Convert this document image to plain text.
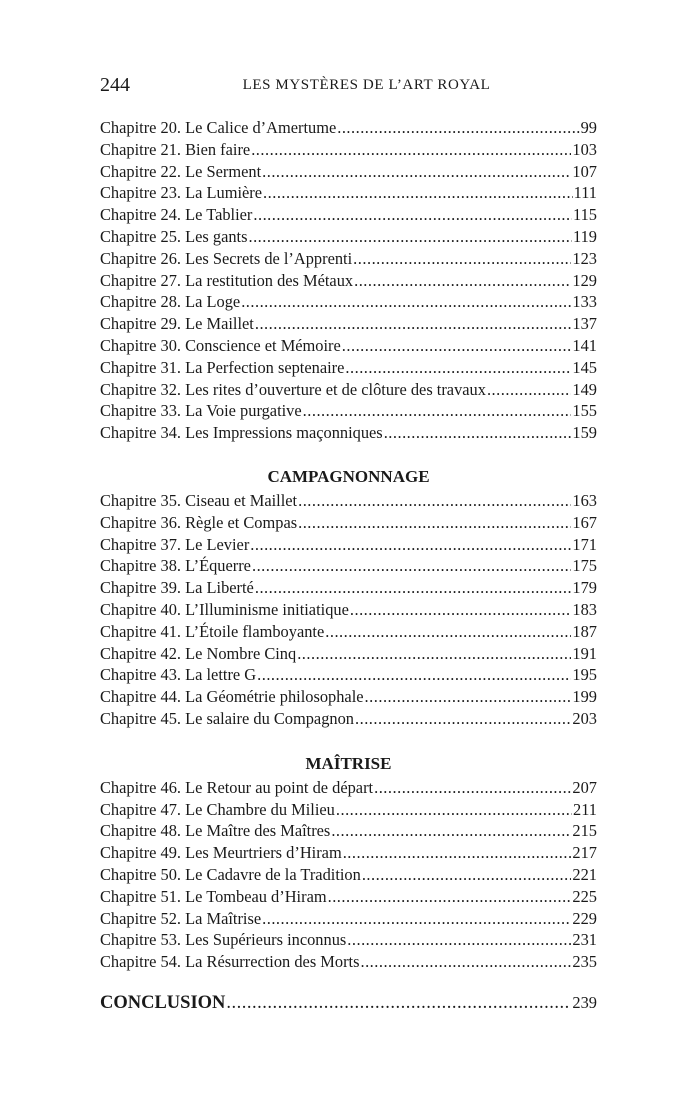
244	LES MYSTÈRES DE L’ART ROYAL
Chapitre 20. Le Calice d’Amertume .....	99
Chapitre 21. Bien faire .....	103
Chapitre 22. Le Serment .....	107
Chapitre 23. La Lumière .....	111
Chapitre 24. Le Tablier .....	115
Chapitre 25. Les gants .....	119
Chapitre 26. Les Secrets de l’Apprenti .....	123
Chapitre 27. La restitution des Métaux .....	129
Chapitre 28. La Loge .....	133
Chapitre 29. Le Maillet .....	137
Chapitre 30. Conscience et Mémoire .....	141
Chapitre 31. La Perfection septenaire .....	145
Chapitre 32. Les rites d’ouverture et de clôture des travaux .....	149
Chapitre 33. La Voie purgative .....	155
Chapitre 34. Les Impressions maçonniques .....	159
CAMPAGNONNAGE
Chapitre 35. Ciseau et Maillet .....	163
Chapitre 36. Règle et Compas .....	167
Chapitre 37. Le Levier .....	171
Chapitre 38. L’Équerre .....	175
Chapitre 39. La Liberté .....	179
Chapitre 40. L’Illuminisme initiatique .....	183
Chapitre 41. L’Étoile flamboyante .....	187
Chapitre 42. Le Nombre Cinq .....	191
Chapitre 43. La lettre G .....	195
Chapitre 44. La Géométrie philosophale .....	199
Chapitre 45. Le salaire du Compagnon .....	203
MAÎTRISE
Chapitre 46. Le Retour au point de départ .....	207
Chapitre 47. Le Chambre du Milieu .....	211
Chapitre 48. Le Maître des Maîtres .....	215
Chapitre 49. Les Meurtriers d’Hiram .....	217
Chapitre 50. Le Cadavre de la Tradition .....	221
Chapitre 51. Le Tombeau d’Hiram .....	225
Chapitre 52. La Maîtrise .....	229
Chapitre 53. Les Supérieurs inconnus .....	231
Chapitre 54. La Résurrection des Morts .....	235
CONCLUSION .....	239
